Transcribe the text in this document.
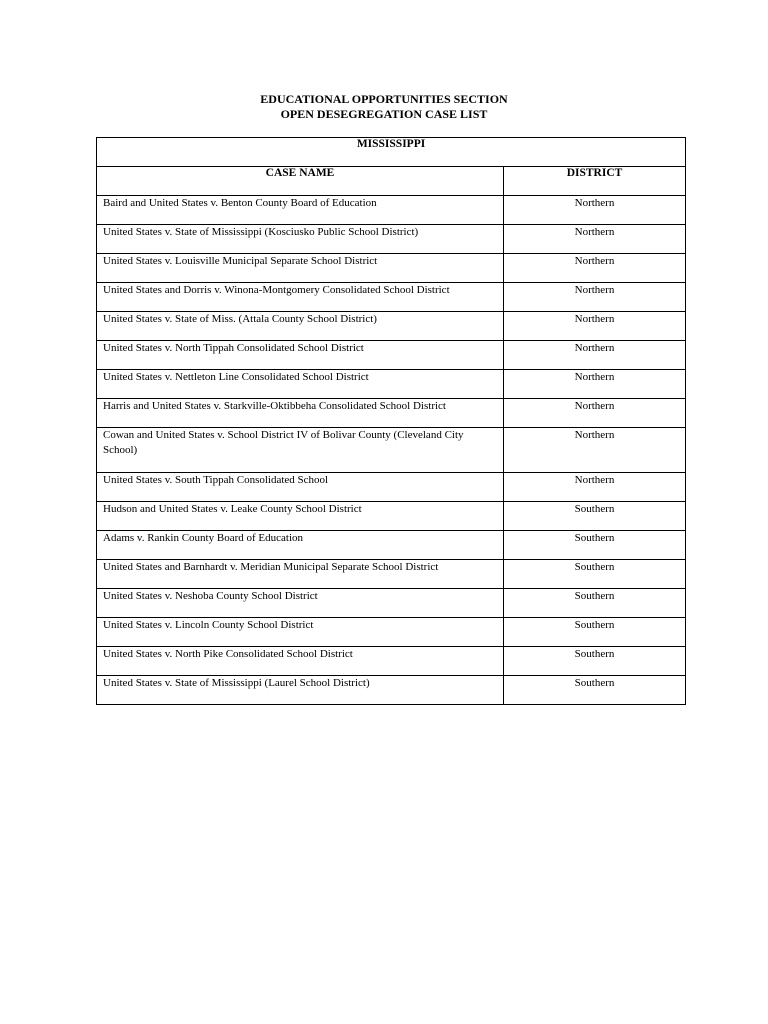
EDUCATIONAL OPPORTUNITIES SECTION
OPEN DESEGREGATION CASE LIST
MISSISSIPPI	
CASE NAME	DISTRICT
Baird and United States v. Benton County Board of Education	Northern
United States v. State of Mississippi (Kosciusko Public School District)	Northern
United States v. Louisville Municipal Separate School District	Northern
United States and Dorris v. Winona-Montgomery Consolidated School District	Northern
United States v. State of Miss. (Attala County School District)	Northern
United States v. North Tippah Consolidated School District	Northern
United States v. Nettleton Line Consolidated School District	Northern
Harris and United States v. Starkville-Oktibbeha Consolidated School District	Northern
Cowan and United States v. School District IV of Bolivar County (Cleveland City School)	Northern
United States v. South Tippah Consolidated School	Northern
Hudson and United States v. Leake County School District	Southern
Adams v. Rankin County Board of Education	Southern
United States and Barnhardt v. Meridian Municipal Separate School District	Southern
United States v. Neshoba County School District	Southern
United States v. Lincoln County School District	Southern
United States v. North Pike Consolidated School District	Southern
United States v. State of Mississippi (Laurel School District)	Southern
